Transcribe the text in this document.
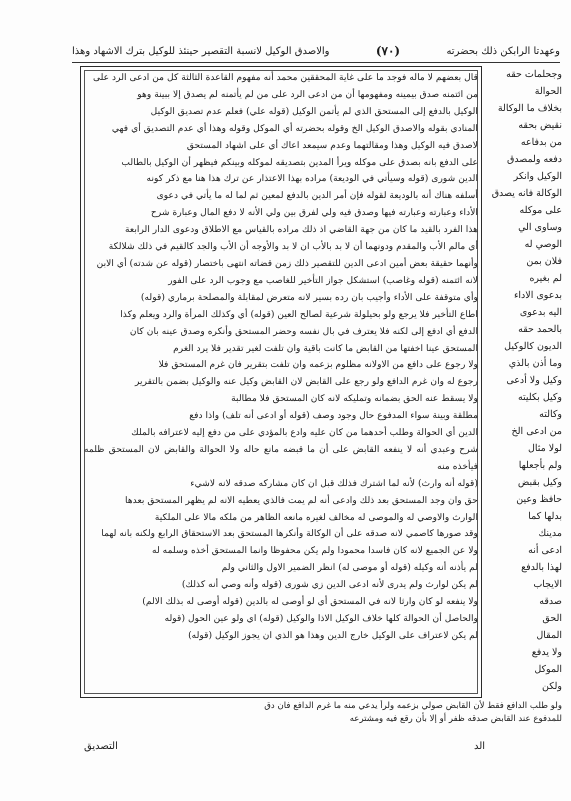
وعهدتا الرابكن ذلك بحضرته
(٧٠)
والاصدق الوكيل لانسبة التقصير حينئذ للوكيل بترك الاشهاد وهذا

قال بعضهم لا ماله فوجد ما على غاية المحققين محمد أنه مفهوم القاعدة الثالثة كل من ادعى الرد على

من ائتمنه صدق بيمينه ومفهومها أن من ادعى الرد على من لم يأتمنه لم يصدق إلا ببينة وهو

الوكيل بالدفع إلى المستحق الذي لم يأتمن الوكيل (قوله علي) فعلم عدم تصديق الوكيل

المنادي بقوله والاصدق الوكيل الخ وقوله بحضرته أي الموكل وقوله وهذا أي عدم التصديق أي فهي

لاصدق فيه الوكيل وهذا ومقالتهما وعدم سيمعد اعاك أي على اشهاد المستحق

على الدفع بانه بصدق على موكله ويرأ المدين بتصديقه لموكله وبينكم فيظهر أن الوكيل بالطالب

الدين شورى (قوله وسيأتي في الوديعة) مراده بهذا الاعتذار عن ترك هذا هنا مع ذكر كونه

أسلفه هناك أنه بالوديعة لقوله فإن أمر الدين بالدفع لمعين ثم لما له ما يأتي في دعوى

الأداء وعبارته وعبارته فيها وصدق فيه ولي لفرق بين ولي الأنه لا دفع المال وعبارة شرح

هذا الفرد بالقيد ما كان من جهة القاضي اذ ذلك مراده بالقياس مع الاطلاق ودعوى الدار الرابعة

أي مالم الأب والمقدم ودونهما أن لا بد بالأب ان لا بد والأوجه أن الأب والجد كالقيم في ذلك شلالكة

وأنهما حقيقة بعض أمين ادعى الدين للتقصير ذلك زمن قضاته انتهى باختصار (قوله عن شدته) أي الابن

لانه ائتمنه (قوله وغاصب) استشكل جواز التأخير للغاصب مع وجوب الرد على الفور

وأي متوقفة على الأداء وأجيب بان رده بسير لانه متعرض لمقابلة والمصلحة برماري (قوله)

اطاع التأخير فلا يرجع ولو بحيلولة شرعية لصالح العين (قوله) أي وكذلك المرأة والرد ويعلم وكذا

الدفع أي ادفع إلى لكنه فلا يعترف في بال نفسه وحضر المستحق وأنكره وصدق عينه بان كان

المستحق عينا اخفتها من القابض ما كانت باقية وان تلفت لغير تقدير فلا يرد الغرم

ولا رجوع على دافع من الاولانه مظلوم بزعمه وان تلفت بتقرير فان غرم المستحق فلا

رجوع له وان غرم الدافع ولو رجع على القابض لان القابض وكيل عنه والوكيل بضمن بالتقرير

ولا يسقط عنه الحق بضمانه وتمليكه لانه كان المستحق فلا مطالبة

مطلقة وبينة سواء المدفوع حال وجود وصف (قوله أو ادعى أنه تلف) واذا دفع

الدين أي الحوالة وطلب أحدهما من كان عليه وادع بالمؤدي على من دفع إليه لاعترافه بالملك

شرح وعبدي أنه لا ينفعه القابض على أن ما قبضه مانع حاله ولا الحوالة والقابض لان المستحق ظلمه فيأخذه منه

(قوله أنه وارث) لأنه لما اشترك فذلك قبل ان كان مشاركه صدقه لانه لاشيء

حق وان وجد المستحق بعد ذلك وادعى أنه لم يمت فالذي يعطيه الانه لم يظهر المستحق بعدها

الوارث والاوصي له والموصى له مخالف لغيره مانعه الظاهر من ملكه مالا على الملكية

وقد صورها كاصمي لانه صدقه على أن الوكالة وأنكرها المستحق بعد الاستحقاق الرابع ولكنه بانه لهما

ولا عن الجميع لانه كان فاسدا محمودا ولم يكن محفوظا وانما المستحق أخذه وسلمه له

لم يأذنه أنه وكيله (قوله أو موصى له) انظر الضمير الاول والثاني ولم

لم يكن لوارث ولم يدرى لأنه ادعى الدين زي شورى (قوله وأنه وصي أنه كذلك)

ولا ينفعه لو كان وارثا لانه في المستحق أي لو أوصى له بالدين (قوله أوصى له بذلك الالم)

والحاصل أن الحوالة كلها خلاف الوكيل الاذا والوكيل (قوله) اي ولو عين الحول (قوله

لم يكن لاعتراف على الوكيل خارج الدين وهذا هو الذي ان يجوز الوكيل (قوله)

وجحلمات حقه الحوالة

بخلاف ما الوكالة

نقيض بحقه

من بدفاعه

دفعه ولمصدق

الوكيل وانكر

الوكالة فانه يصدق

على موكله

وساوى الي

الوصي له

فلان بمن

لم بغيره

بدعوى الاداء

اليه بدعوى

بالحمد حقه

الديون كالوكيل

وما أذن بالذي

وكيل ولا أدعى

وكيل بكليته

وكالته

من ادعى الخ

لولا مثال

ولم بأجعلها

وكيل بقبض

حافظ وعين

بدلها كما

مدينك

ادعى أنه

لهذا بالدفع

الايجاب

صدقه

الحق

المقال

ولا يدفع

الموكل

ولكن

ولو طلب الدافع فقط لأن القابض صولي بزعمه ولرأ يدعي منه ما غرم الدافع فان دق

للمدفوع عند القابض صدقه ظفر أو إلا بأن رقع فيه ومشترعه

التصديق	الد
